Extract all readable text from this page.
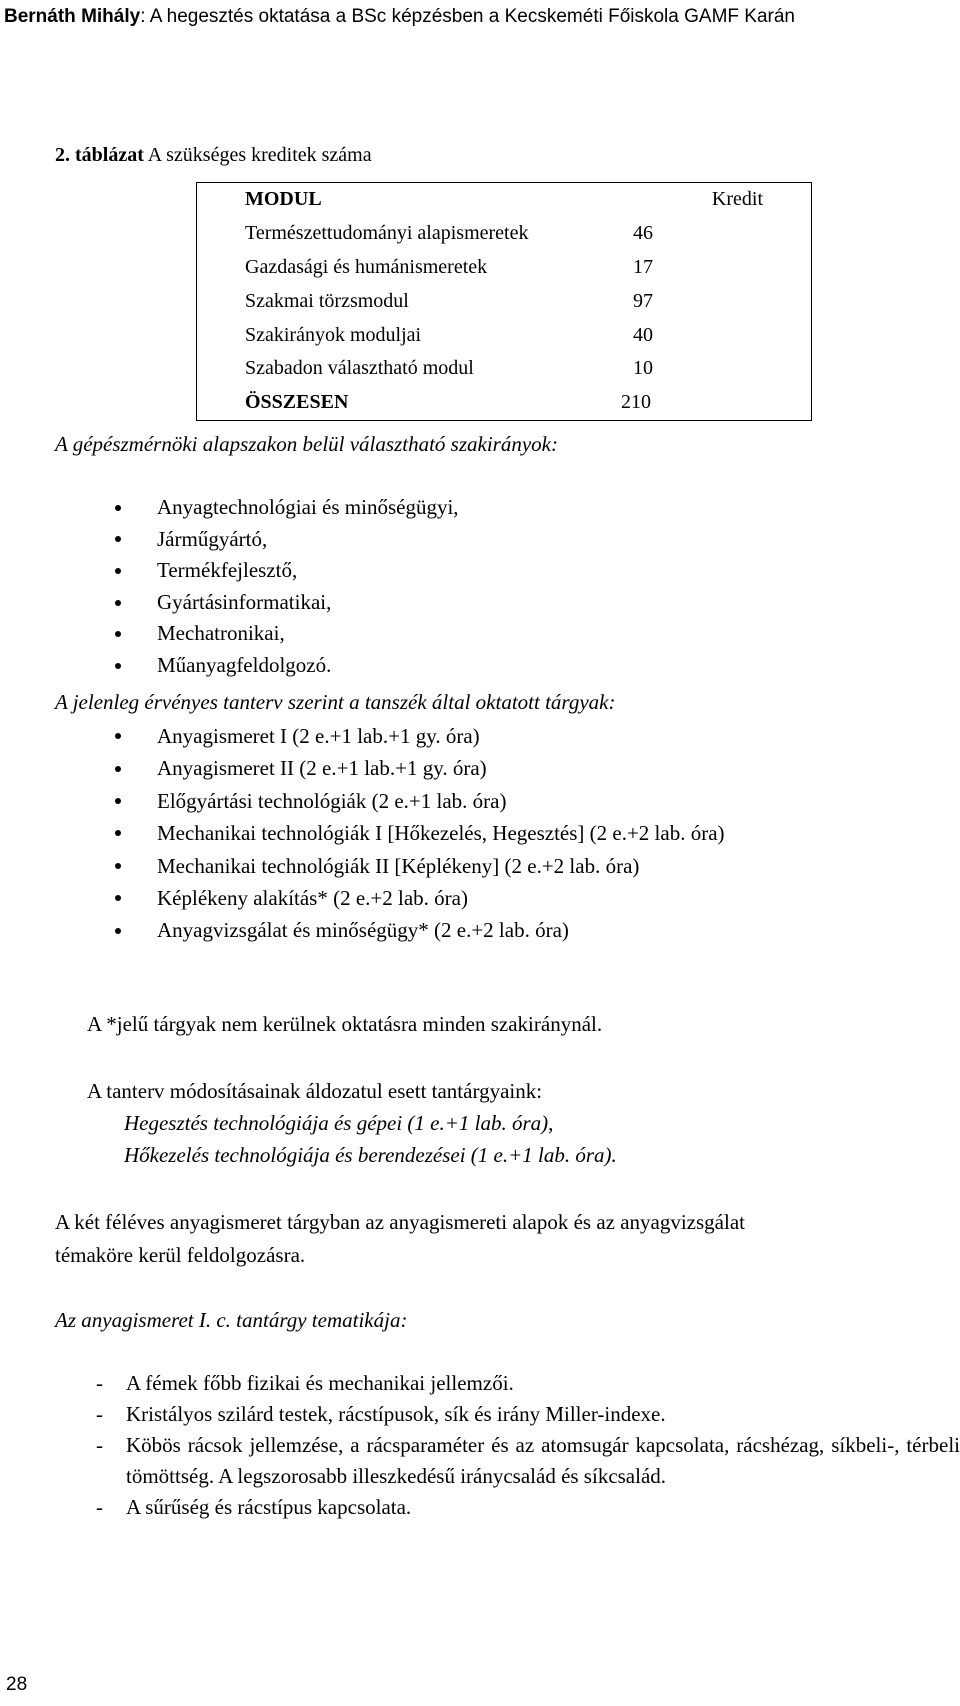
Bernáth Mihály: A hegesztés oktatása a BSc képzésben a Kecskeméti Főiskola GAMF Karán
2. táblázat A szükséges kreditek száma
MODUL	Kredit
Természettudományi alapismeretek	46
Gazdasági és humánismeretek	17
Szakmai törzsmodul	97
Szakirányok moduljai	40
Szabadon választható modul	10
ÖSSZESEN	210
A gépészmérnöki alapszakon belül választható szakirányok:
Anyagtechnológiai és minőségügyi,
Járműgyártó,
Termékfejlesztő,
Gyártásinformatikai,
Mechatronikai,
Műanyagfeldolgozó.
A jelenleg érvényes tanterv szerint a tanszék által oktatott tárgyak:
Anyagismeret I (2 e.+1 lab.+1 gy. óra)
Anyagismeret II (2 e.+1 lab.+1 gy. óra)
Előgyártási technológiák (2 e.+1 lab. óra)
Mechanikai technológiák I [Hőkezelés, Hegesztés] (2 e.+2 lab. óra)
Mechanikai technológiák II [Képlékeny] (2 e.+2 lab. óra)
Képlékeny alakítás* (2 e.+2 lab. óra)
Anyagvizsgálat és minőségügy* (2 e.+2 lab. óra)
A *jelű tárgyak nem kerülnek oktatásra minden szakiránynál.
A tanterv módosításainak áldozatul esett tantárgyaink:
Hegesztés technológiája és gépei (1 e.+1 lab. óra),
Hőkezelés technológiája és berendezései (1 e.+1 lab. óra).
A két féléves anyagismeret tárgyban az anyagismereti alapok és az anyagvizsgálat
témaköre kerül feldolgozásra.
Az anyagismeret I. c. tantárgy tematikája:
- A fémek főbb fizikai és mechanikai jellemzői.
- Kristályos szilárd testek, rácstípusok, sík és irány Miller-indexe.
- Köbös rácsok jellemzése, a rácsparaméter és az atomsugár kapcsolata, rácshézag, síkbeli-, térbeli tömöttség. A legszorosabb illeszkedésű iránycsalád és síkcsalád.
- A sűrűség és rácstípus kapcsolata.
28
